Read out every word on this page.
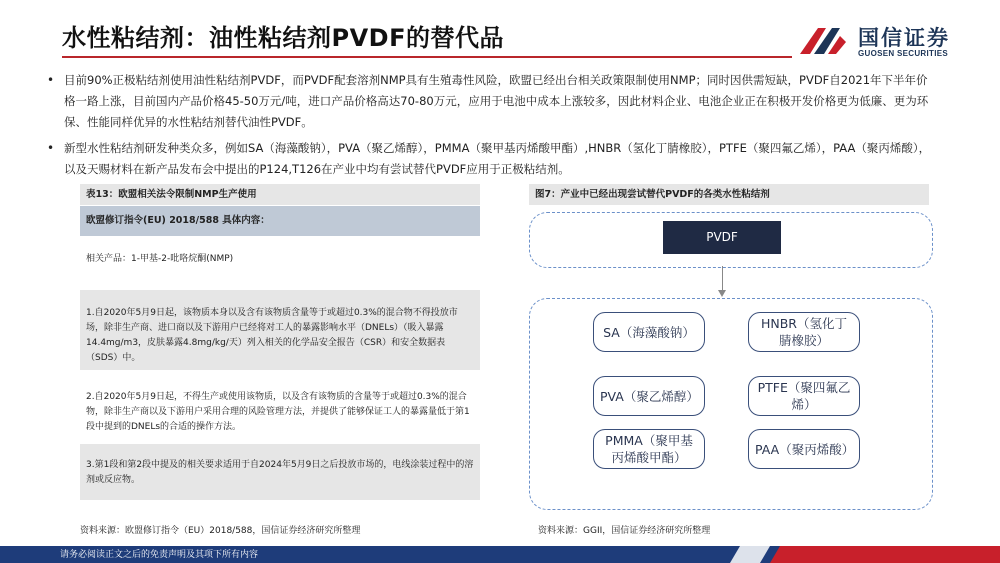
水性粘结剂：油性粘结剂PVDF的替代品	国信证券
GUOSEN SECURITIES
• 目前90%正极粘结剂使用油性粘结剂PVDF，而PVDF配套溶剂NMP具有生殖毒性风险，欧盟已经出台相关政策限制使用NMP；同时因供需短缺，PVDF自2021年下半年价格一路上涨，目前国内产品价格45-50万元/吨，进口产品价格高达70-80万元，应用于电池中成本上涨较多，因此材料企业、电池企业正在积极开发价格更为低廉、更为环保、性能同样优异的水性粘结剂替代油性PVDF。
• 新型水性粘结剂研发种类众多，例如SA（海藻酸钠），PVA（聚乙烯醇），PMMA（聚甲基丙烯酸甲酯）,HNBR（氢化丁腈橡胶），PTFE（聚四氟乙烯），PAA（聚丙烯酸），以及天赐材料在新产品发布会中提出的P124,T126在产业中均有尝试替代PVDF应用于正极粘结剂。
表13：欧盟相关法令限制NMP生产使用
欧盟修订指令(EU) 2018/588 具体内容：
相关产品：1-甲基-2-吡咯烷酮(NMP)
1.自2020年5月9日起，该物质本身以及含有该物质含量等于或超过0.3%的混合物不得投放市场，除非生产商、进口商以及下游用户已经将对工人的暴露影响水平（DNELs）（吸入暴露14.4mg/m3，皮肤暴露4.8mg/kg/天）列入相关的化学品安全报告（CSR）和安全数据表（SDS）中。
2.自2020年5月9日起，不得生产或使用该物质，以及含有该物质的含量等于或超过0.3%的混合物，除非生产商以及下游用户采用合理的风险管理方法，并提供了能够保证工人的暴露量低于第1段中提到的DNELs的合适的操作方法。
3.第1段和第2段中提及的相关要求适用于自2024年5月9日之后投放市场的，电线涂装过程中的溶剂或反应物。
资料来源：欧盟修订指令（EU）2018/588，国信证券经济研究所整理
图7：产业中已经出现尝试替代PVDF的各类水性粘结剂
PVDF
SA（海藻酸钠）
HNBR（氢化丁腈橡胶）
PVA（聚乙烯醇）
PTFE（聚四氟乙烯）
PMMA（聚甲基丙烯酸甲酯）
PAA（聚丙烯酸）
资料来源：GGII，国信证券经济研究所整理
请务必阅读正文之后的免责声明及其项下所有内容
